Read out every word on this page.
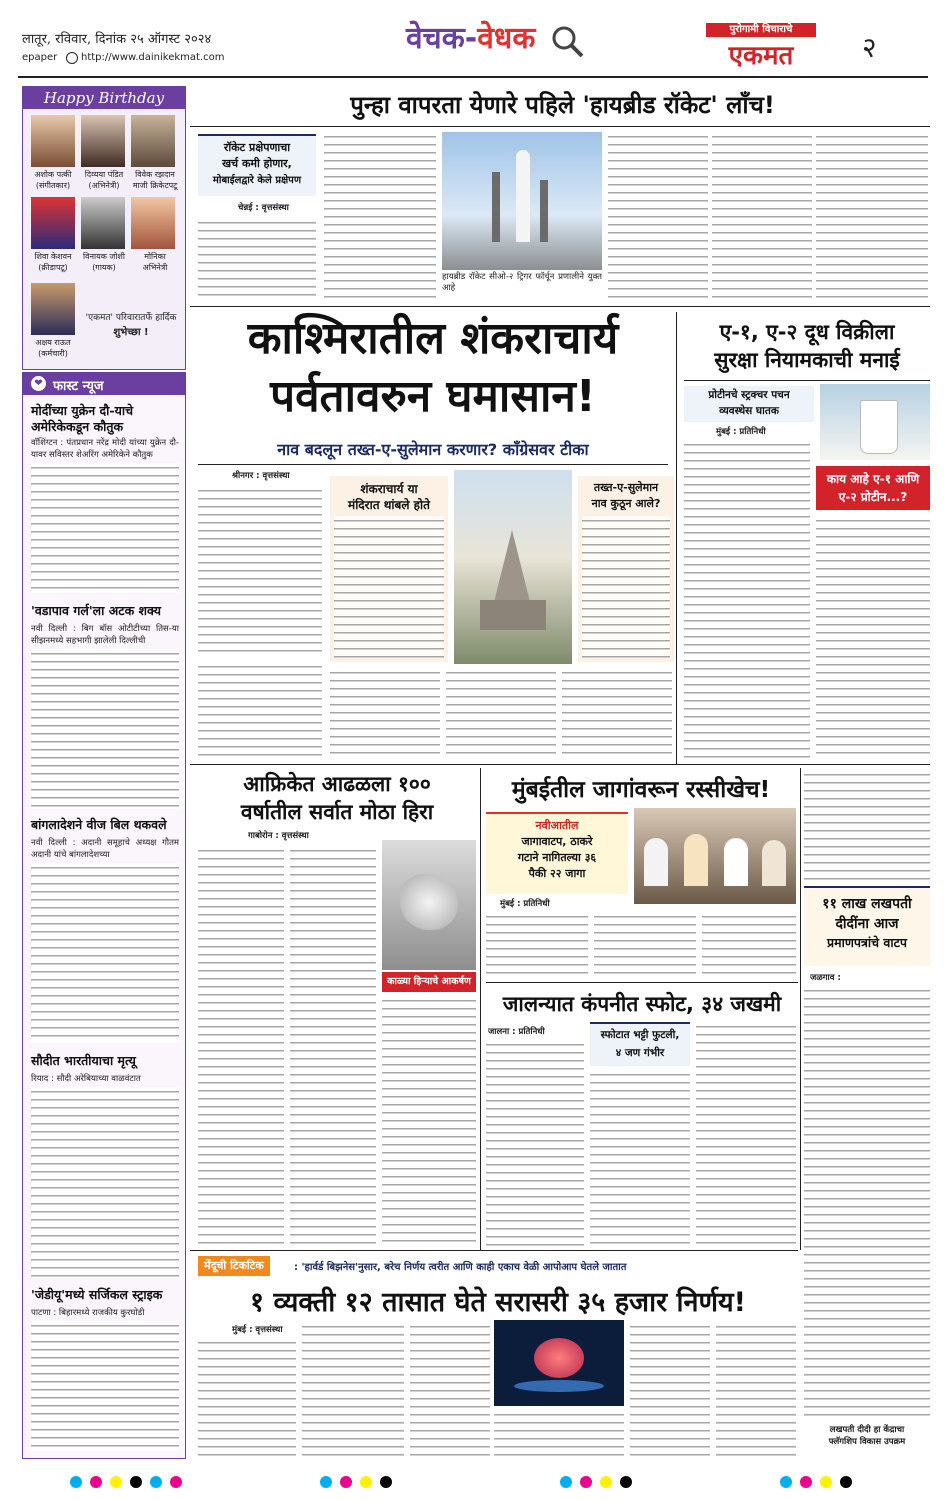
लातूर, रविवार, दिनांक २५ ऑगस्ट २०२४
epaper http://www.dainikekmat.com
वेचक-वेधक	पुरोगामी विचाराचे
एकमत	२
Happy Birthday
अशोक पत्की
(संगीतकार)
दिव्यया पंडित
(अभिनेत्री)
विवेक रझदान
माजी क्रिकेटपटू
शिवा केशवन
(क्रीडापटू)
विनायक जोशी
(गायक)
मोनिका
अभिनेत्री
अक्षय राऊत
(कर्मचारी)
'एकमत' परिवारातर्फे हार्दिक
शुभेच्छा !
❤ फास्ट न्यूज
मोदींच्या युक्रेन दौ-याचे अमेरिकेकडून कौतुक
वॉशिंग्टन : पंतप्रधान नरेंद्र मोदी यांच्या युक्रेन दौ-यावर सविस्तर शेअरिंग अमेरिकेने कौतुक
'वडापाव गर्ल'ला अटक शक्य
नवी दिल्ली : बिग बॉस ओटीटीच्या तिस-या सीझनमध्ये सहभागी झालेली दिल्लीची
बांगलादेशने वीज बिल थकवले
नवी दिल्ली : अदानी समूहाचे अध्यक्ष गौतम अदानी यांचे बांगलादेशच्या
सौदीत भारतीयाचा मृत्यू
रियाद : सौदी अरेबियाच्या वाळवंटात
'जेडीयू'मध्ये सर्जिकल स्ट्राइक
पाटणा : बिहारमध्ये राजकीय कुरघोडी
पुन्हा वापरता येणारे पहिले 'हायब्रीड रॉकेट' लाँच!
रॉकेट प्रक्षेपणाचा
खर्च कमी होणार,
मोबाईलद्वारे केले प्रक्षेपण
चेन्नई : वृत्तसंस्था
हायब्रीड रॉकेट सीओ-२ ट्रिगर फॉर्चून प्रणालीने युक्त आहे
काश्मिरातील शंकराचार्य
पर्वतावरुन घमासान!
नाव बदलून तख्त-ए-सुलेमान करणार? काँग्रेसवर टीका
श्रीनगर : वृत्तसंस्था
शंकराचार्य या
मंदिरात थांबले होते
तख्त-ए-सुलेमान
नाव कुठून आले?
ए-१, ए-२ दूध विक्रीला
सुरक्षा नियामकाची मनाई
प्रोटीनचे स्ट्रक्चर पचन
व्यवस्थेस घातक
मुंबई : प्रतिनिधी
काय आहे ए-१ आणि
ए-२ प्रोटीन...?
आफ्रिकेत आढळला १००
वर्षातील सर्वात मोठा हिरा
गाबोरोन : वृत्तसंस्था
काळ्या हिऱ्याचे आकर्षण
मुंबईतील जागांवरून रस्सीखेच!
नवीआतील
जागावाटप, ठाकरे
गटाने नागितल्या ३६
पैकी २२ जागा
मुंबई : प्रतिनिधी	११ लाख लखपती
दीदींना आज
प्रमाणपत्रांचे वाटप
जळगाव :
लखपती दीदी हा केंद्राचा
फ्लॅगशिप विकास उपक्रम
जालन्यात कंपनीत स्फोट, ३४ जखमी
जालना : प्रतिनिधी	स्फोटात भट्टी फुटली,
४ जण गंभीर
मेंदूची टिकटिक	: 'हार्वर्ड बिझनेस'नुसार, बरेच निर्णय त्वरीत आणि काही एकाच वेळी आपोआप घेतले जातात
१ व्यक्ती १२ तासात घेते सरासरी ३५ हजार निर्णय!
मुंबई : वृत्तसंस्था
